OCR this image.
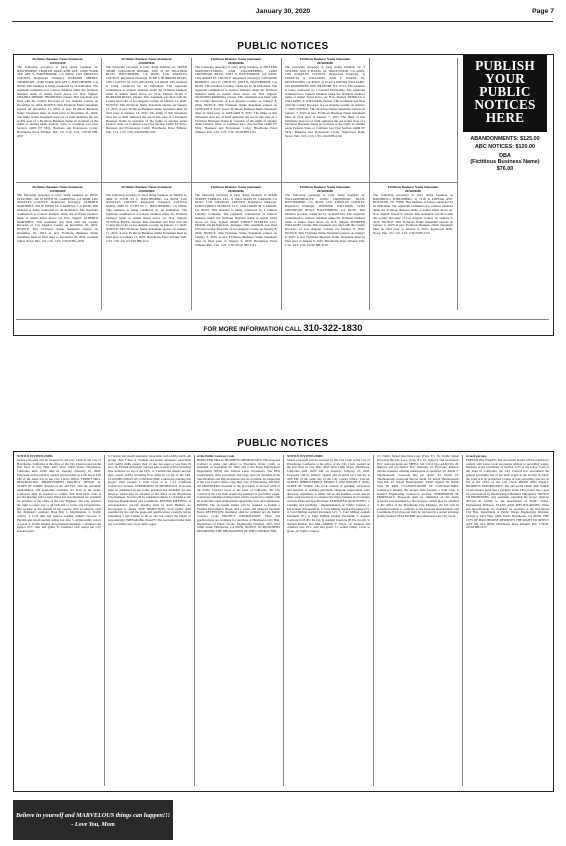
January 30, 2020	Page 7
PUBLIC NOTICES
Fictitious Business Name Statement
2019334458
The following person(s) is (are) doing business as: HAWTHORNE TRAILER PARK AND APT, 13180 YORK AVE APT 5, HAWTHORNE, CA 90250, LOS ANGELES COUNTY. Registered Owner(s): HARMON SHEREE THORNTON, 13180 YORK AVE APT 5, HAWTHORNE, CA 90250. This business is being conducted by an Individual. The registrant commenced to transact business under the fictitious business name or names listed above on: N/A. Signed: CHANNA SHEREE THORNTON, Owner. This statement was filed with the County Recorder of Los Angeles County on December 31, 2019. NOTICE: This Fictitious Name Statement expires on December 31, 2024. A new Fictitious Business Name Statement must be filed prior to December 31, 2024. The filing of this Statement does not of itself authorize the use in this state of a Fictitious Business Name in violation of the rights of another under Federal, State, or Common Law (See Section 14400 ET SEQ., Business and Professions Code). Hawthorne Press Tribune: Pub. 1/9, 1/16, 1/23, 1/30/20 HH-2057
Fictitious Business Name Statement
2020009636
The following person(s) is (are) doing business as: SUPER SPORT COLLISION REPAIR, 3435 W EL SEGUNDO BLVD, HAWTHORNE, CA 90250, LOS ANGELES COUNTY. Registered Owner(s): JUAN C HURTADO RIVAS, 12811 CAVITT ST, LOS ANGELES, CA 90059. This business is being conducted by an Individual. The registrant commenced to transact business under the fictitious business name or names listed above on: N/A. Signed: JUAN C HURTADO RIVAS, Owner. This statement was filed with the County Recorder of Los Angeles County on January 13, 2020. NOTICE: This Fictitious Name Statement expires on January 13, 2025. A new Fictitious Business Name Statement must be filed prior to January 13, 2025. The filing of this Statement does not of itself authorize the use in this state of a Fictitious Business Name in violation of the rights of another under Federal, State, or Common Law (See Section 14400 ET SEQ., Business and Professions Code). Hawthorne Press Tribune: Pub. 1/16, 1/23, 1/30, 2/6/20 HH-2100
Fictitious Business Name Statement
2020000000
The following person(s) is (are) doing business as HILLPRO MANUFACTURING AND ENGINEERING, 14803 CRENSHAW BLVD, UNIT 5, HAWTHORNE, CA 90250, LOS ANGELES COUNTY. Registered Owner(s): GIOVANNI ROMERO, 1221 W 118TH ST, UNIT B, HAWTHORNE, CA 90250. This business is being conducted by an Individual. The registrant commenced to transact business under the fictitious business name or names listed above on: N/A. Signed: GIOVANNI ROMERO, Owner. This statement was filed with the County Recorder of Los Angeles County on January 8, 2020. NOTICE: This Fictitious Name Statement expires on JANUARY 8, 2025. A new Fictitious Business Name Statement must be filed prior to JANUARY 8, 2025. The filing of this Statement does not of itself authorize the use in this state of a Fictitious Business Name in violation of the rights of another under Federal, State, or Common Law (See Section 14400 ET SEQ., Business and Professions Code). Hawthorne Press Tribune: Pub. 1/16, 1/23, 1/30, 2/6/20 HH-2101
Fictitious Business Name Statement
2020000000
The following person(s) is (are) doing business as: 3 SISTERS, 3202 E HAZEL ST, INGLEWOOD, CA 90302, LOS ANGELES COUNTY. Registered Owner(s): 1) PATRICIA A WILLIAMS, 3202 E HAZEL ST, INGLEWOOD, CA 90302, 2) JEAN LONDON WILLIAMS, 109 WOODBURY AVE, BELPORT, NY 11714. This business is being conducted by a General Partnership. The registrant commenced to transact business under the fictitious business name or names listed above on: N/A. Signed: PATRICIA A WILLIAMS, P. WILLIAMS, Partner. This statement was filed with the County Recorder of Los Angeles County on January 7, 2020. NOTICE: This Fictitious Name Statement expires on January 7, 2025. A new Fictitious Business Name Statement must be filed prior to January 7, 2025. The filing of this Statement does not of itself authorize the use in this state of a Fictitious Business Name in violation of the rights of another under Federal, State, or Common Law (See Section 14400 ET SEQ., Business and Professions Code). Inglewood Daily News: Pub. 1/16, 1/23, 1/30, 2/6/20 HI-2102
Fictitious Business Name Statement
2019000000
The following person(s) is (are) doing business as: BEST ELECTRIC, 220 W 169TH ST, GARDENA, CA 90248, LOS ANGELES COUNTY. Registered Owner(s): ALBERTO MARTINEZ, 220 W 169TH ST, GARDENA, CA 90248. This business is being conducted by an Individual. The registrant commenced to transact business under the fictitious business name or names listed above on: N/A. Signed: ALBERTO MARTINEZ. This statement was filed with the County Recorder of Los Angeles County on December 20, 2019. NOTICE: This Fictitious Name Statement expires on December 20, 2024. A new Fictitious Business Name Statement must be filed prior to December 20, 2024. Gardena Valley News: Pub. 1/9, 1/16, 1/23, 1/30/20 HG-2059
Fictitious Business Name Statement
2020000000
The following person(s) is (are) doing business as: MAYA G, 4909 W 157TH ST C, HAWTHORNE, CA 90250, LOS ANGELES COUNTY. Registered Owner(s): YULISSA MAYA, 4909 W 157TH ST C, HAWTHORNE, CA 90250. This business is being conducted by an Individual. The registrant commenced to transact business under the fictitious business name or names listed above on: N/A. Signed: YULISSA MAYA, Owner. This statement was filed with the County Recorder of Los Angeles County on January 17, 2020. NOTICE: This Fictitious Name Statement expires on January 17, 2025. A new Fictitious Business Name Statement must be filed prior to January 17, 2025. Hawthorne Press Tribune: Pub. 1/23, 1/30, 2/6, 2/13/20 HH-2112
Fictitious Business Name Statement
2020000000
The following person(s) is (are) doing business as MAIN STREET STABLES, LLC, 11 19421 MAIN ST, CARSON, CA 90745, LOS ANGELES COUNTY. Registered Owner(s): MAIN STREET STABLES, LLC, 19421 MAIN ST, CARSON, CA 90745. This business is being conducted by a Limited Liability Company. The registrant commenced to transact business under the fictitious business name or names listed above on: N/A. Signed: MAIN STREET STABLES, LLC, FRANK DI PASQUALE, Manager. This statement was filed with the County Recorder of Los Angeles County on January 9, 2020. NOTICE: This Fictitious Name Statement expires on January 9, 2025. A new Fictitious Business Name Statement must be filed prior to January 9, 2025. Hawthorne Press Tribune: Pub. 1/16, 1/23, 1/30, 2/6/20 HH-2113
Fictitious Business Name Statement
2020000000
The following person(s) is (are) doing business as: WILLIAMSBEAUTY, 12326 CRENSHAW BLVD, HAWTHORNE, CA 90250, LOS ANGELES COUNTY. Registered Owner(s): JENNIFER WILLIAMS, 12326 CRENSHAW BLVD, HAWTHORNE, CA 90250. This business is being conducted by an Individual. The registrant commenced to transact business under the fictitious business name or names listed above on: N/A. Signed: JENNIFER WILLIAMS, Owner. This statement was filed with the County Recorder of Los Angeles County on January 8, 2020. NOTICE: This Fictitious Name Statement expires on January 8, 2025. A new Fictitious Business Name Statement must be filed prior to January 8, 2025. Hawthorne Press Tribune: Pub. 1/16, 1/23, 1/30, 2/6/20 HH-2118
Fictitious Business Name Statement
2020000000
The following person(s) is (are) doing business as RAINBOW'S PUBLISHING, 1) 7218 N POPLAR AVE, HOUSTON, TX 77088. This business is being conducted by an Individual. The registrant commenced to transact business under the fictitious business name or names listed above on: N/A. Signed: ISAACS, Owner. This statement was filed with the County Recorder of Los Angeles County on January 6, 2020. NOTICE: This Fictitious Name Statement expires on January 6, 2025. A new Fictitious Business Name Statement must be filed prior to January 6, 2025. Inglewood Daily News: Pub. 1/9, 1/16, 1/23, 1/30/20 HI-2115
PUBLISH
YOUR
PUBLIC
NOTICES
HERE
ABANDONMENTS: $125.00
ABC NOTICES: $120.00
DBA
(Fictitious Business Name)
$76.00
FOR MORE INFORMATION CALL 310-322-1830
PUBLIC NOTICES
NOTICE INVITING BIDS
Sealed proposals will be received by the City Clerk of the City of Hawthorne, California at the office of the City Clerk located on the first floor in City Hall, 4455 West 126th Street, Hawthorne, California until 10:00 AM on Tuesday, February 25, 2020. Proposals will be publicly opened and recorded on a bid list at 4:00 PM of the same day in the City Clerk's Office. STREET MILL RESURFACING IMPROVEMENT PROJECT (PHASE 2). SCOPE OF WORK: Repairs of AC and PCC with the pavement rehabilitation and applicable standards set forth in the plans. Contractor shall be required to comply with State labor code. A pre-bid meeting will be held. Plans and specifications are available for purchase at the office of the City Engineer. The City reserves the right to reject any or all bids and to waive any irregularities. Bid security in the amount of ten percent shall accompany each bid. Engineer's estimate: Base Bid. 1. Mobilization. 2. Traffic control. 3. Cold mill and remove existing asphalt concrete. 4. Furnish and install asphalt rubber hot mix. 5. Adjust utility covers to grade. 6. Traffic striping and pavement markings. 7. Remove and replace PCC curb and gutter. 8. Construct curb ramps per City standard plan.
8. Furnish and install automatic retractable curb (ARS) width. All greater than 8 feet. 9. Furnish and install automatic retractable curb (ARS) width greater than 12 feet but equal or less than 20 feet. 10. Furnish and install concrete pipe screens (CPS), including flow deflector on top of the CPS. 11. Furnish and install concrete pipe screens (CPS), including flow deflector on top of the CPS. CLASSIFICATION OF CONTRACTOR: Contractors bidding this project shall possess a valid Class A or C-12 California Contractors License. SUBMISSION OF PROPOSALS: Proposals shall be submitted on the forms prepared and furnished for that purpose, which may be obtained in the office of the Hawthorne City Engineer. No bid will be considered unless it conforms to the Proposal Requirements and Conditions. PRE-BID MEETING: A non-mandatory pre-bid meeting shall be held. Bidders are encouraged to attend. SITE INSPECTION: Each bidder shall examine the site and the plans and specifications carefully before submitting a bid. Failure to do so will not relieve the bidder of responsibility. PREVAILING WAGES: The successful bidder shall pay prevailing rates of per diem wages.
of the Public Contract Code.
BOND AND SMALL BUSINESS OPPORTUNITY: The proposed Contract is under and subject to Executive Order 11246, as amended, of September 24, 1965, and to the Equal Employment Opportunity (EEO) and Federal Labor Provisions. The EEO requirements, labor provisions, and wage rates are included in the Specifications and Bid documents and are available for inspection at the City Clerk's Office, City Hall, City of Hawthorne. NOTICE TO PROPOSERS: Pursuant to the provisions of Section 6100 of the Public Contract Code of the State of California, the City Council of the City shall require the payment of prevailing wages. Contractors bidding on this project will be required to comply with all applicable equal employment opportunity laws and regulations. BONDS: The successful bidder will be required to furnish a Faithful Performance Bond, and a Labor and Material Payment Bond. RETENTION: Retention shall be withheld per the Public Contract Code. PROJECT INFORMATION: Plans and specifications are available for purchase at Hawthorne City Hall, Department of Public Works, Engineering Division, 4455 West 126th Street, Hawthorne, CA 90250. NOTICE TO PROPOSERS REGARDING THE OBLIGATIONS OF THE CONTRACTOR.
NOTICE INVITING BIDS
Sealed proposals will be received by the City Clerk of the City of Hawthorne, California at the office of the City Clerk, located on the first floor in City Hall, 4455 West 126th Street, Hawthorne, California until 10:00 AM on Tuesday, February 25, 2020. Proposals will be publicly opened and recorded on a bid list at 4:00 PM of the same day in the City Clerk's Office. LOCAL STREET IMPROVEMENT PROJECT 2020 (PROJECT 2020). SCOPE OF WORK: The work consists of grinding, excavation and removal of existing pavement, subgrade preparation, curb, driveway, adjustment of utility valves and manhole covers and all other work necessary to complete the improvements in accordance with the Plans and Specifications. ESTIMATED QUANTITIES: 1. Clearing and Grubbing / Implementation of Traffic Control. 2. Excavation (Unclassified). 3. Cold Milling Asphalt Pavement (2"). 4. Cold Milling Asphalt Pavement (4"). 5. Cold Milling Asphalt Pavement (6"). 6. Edge Milling Asphalt Pavement. 7. Asphalt Concrete (C-B PG 64-10). 8. Asphalt Concrete (B PG 64-10). 9. Asphalt Rubber Hot Mix (ARHM) 2" Thick. 10. Remove and construct new PCC curb and gutter. 11. Adjust Utility Cover to grade. 12. Traffic Control.
17. Traffic Signal Detection Loop (Type 'E'). 18. Traffic Signal Detection Bicycle Loop (Type 'E'). 19. Remove and reconstruct PCC curb and gutter per SPPWC Std. 120-2 type A2-6(150). 20. Remove and reconstruct PCC sidewalk. 21. Excavate, Remove and Re-construct existing substructure as specified. 22. Install 3" Thermoplastic crosswalk line per detail. 23. Install 12" Thermoplastic crosswalk line per detail. 24. Install Thermoplastic Stop Bar. 25. Install Thermoplastic 'STOP' legend. 26. Install Type 'B' RPM. CLASSIFICATION OF CONTRACTORS: Contractors bidding this project shall possess a valid Class A General Engineering Contractor License. SUBMISSION OF PROPOSALS: Proposals shall be submitted on the forms prepared and furnished for that purpose, which may be obtained at the office of the Hawthorne City Engineer. No bid will be considered unless it conforms to the Proposal Requirements and Conditions. Each proposal shall be enclosed in a sealed envelope plainly marked 'SEALED BID' and addressed to the City Clerk.
of such persons.
PREVAILING WAGES: The successful bidder will be required to comply with Labor Code provisions relating to prevailing wages. Pursuant to the provisions of Section 1773 of the Labor Code of the State of California, the City Council has ascertained the general prevailing rate of per diem wages in the locality in which the work is to be performed. Copies of said prevailing rates are on file at the office of the City Clerk. BOND AND SMALL BUSINESS OPPORTUNITY: The successful bidder shall furnish a performance bond and a payment bond. This project has a goal for participation by Disadvantaged Business Enterprises. NOTICE TO PROPOSERS: Any questions regarding the project shall be directed in writing to the Department of Public Works, Engineering Division. PLANS AND SPECIFICATIONS: Plans and Specifications are available for purchase at the Hawthorne City Hall, Department of Public Works, Engineering Division, located at 4455 West 126th Street, Hawthorne, CA 90250. THE CITY OF HAWTHORNE RESERVES THE RIGHT TO REJECT ANY OR ALL BIDS. Hawthorne Press Tribune: Pub. 1/30/20, 2/6/20 HH-2137
Believe in yourself and MARVELOUS things can happen!!!
- Love You, Mom
